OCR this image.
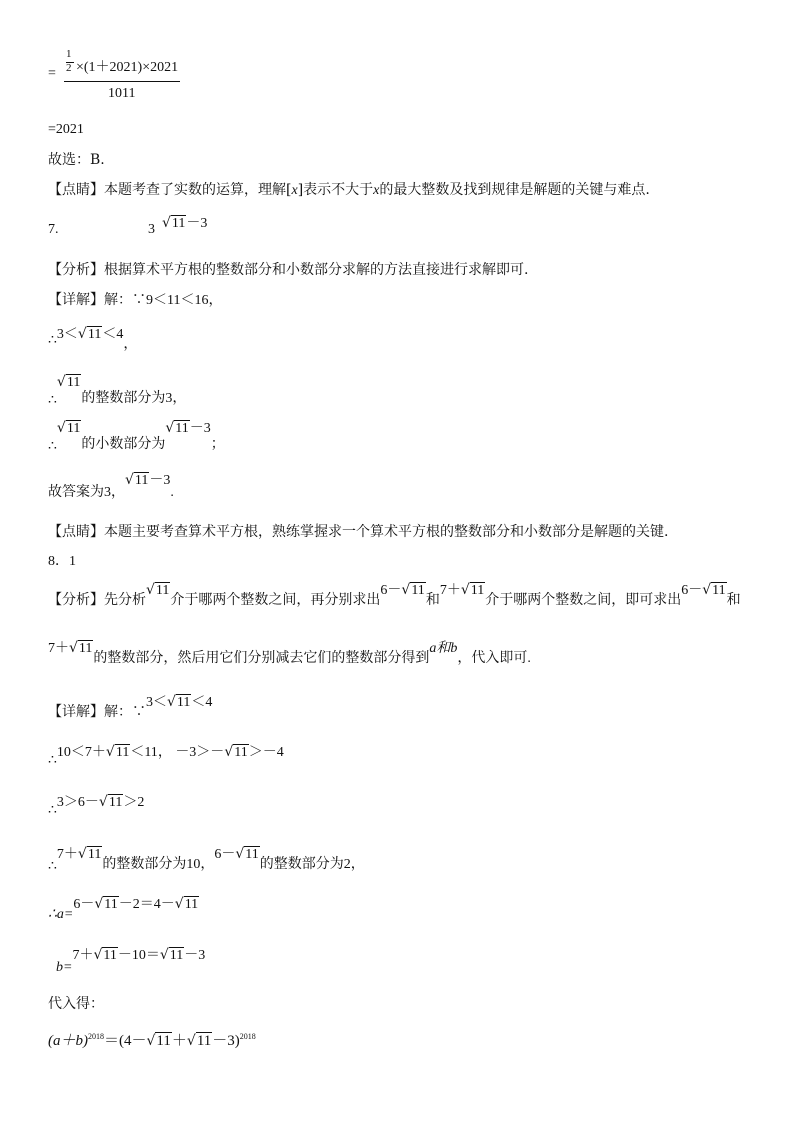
=
1
2 ×(1＋2021)×2021
1011
=2021
故选：B.
【点睛】本题考查了实数的运算，理解[x]表示不大于x的最大整数及找到规律是解题的关键与难点.
7.	3 √11－3
【分析】根据算术平方根的整数部分和小数部分求解的方法直接进行求解即可.
【详解】解：∵9＜11＜16，
∴3＜√11＜4，
∴√11的整数部分为3，
∴√11的小数部分为√11－3；
故答案为3，√11－3.
【点睛】本题主要考查算术平方根，熟练掌握求一个算术平方根的整数部分和小数部分是解题的关键.
8．1
【分析】先分析√11介于哪两个整数之间，再分别求出6－√11和7＋√11介于哪两个整数之间，即可求出6－√11和
7＋√11的整数部分，然后用它们分别减去它们的整数部分得到a和b，代入即可.
【详解】解：∵3＜√11＜4
∴10＜7＋√11＜11， －3＞－√11＞－4
∴3＞6－√11＞2
∴7＋√11的整数部分为10，6－√11的整数部分为2，
∴a=6－√11－2＝4－√11
b=7＋√11－10＝√11－3
代入得：
$(a+b)^{2018}=(4-√11+√11-3)^{2018}$
